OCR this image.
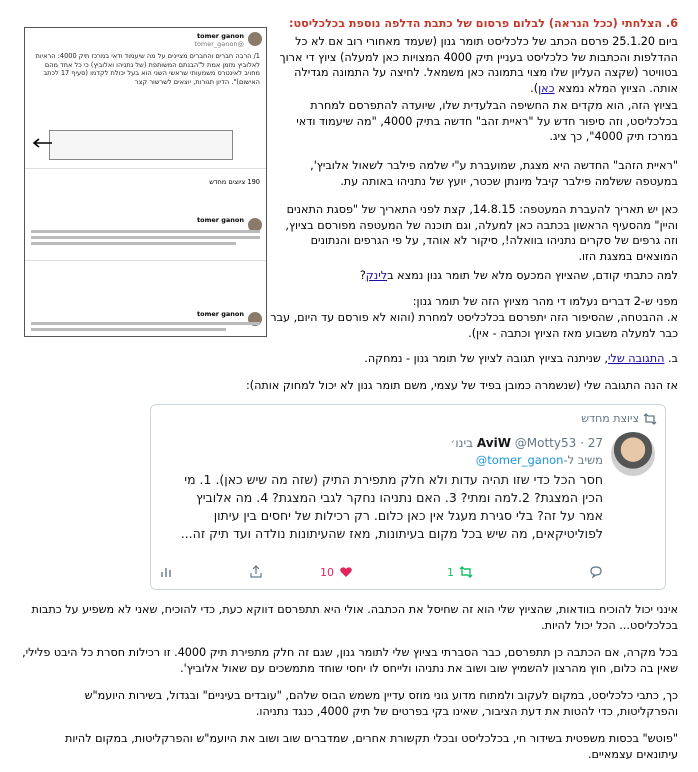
tomer ganon
@tomer_ganon
1/ הרבה חברים והחברים מציינים על מה שיעמוד ודאי במרכז תיק 4000: הראיות לאלוביץ מזמן אמת ל"הבנתם המשותפת (של נתניהו ואלוביץ) כי כל אחד מהם מחויב לאינטרס משמעותי שראשי השני הוא בעל יכולת לקדמו (סעיף 17 לכתב האישום)". הדיון תגורות, יוצאים לשרשור קצר
190 ציוצים מחדש
tomer ganon
tomer ganon
6. הצלחתי (ככל הנראה) לבלום פרסום של כתבת הדלפה נוספת בכלכליסט:
ביום 25.1.20 פרסם הכתב של כלכליסט תומר גנון (שעמד מאחורי רוב אם לא כל ההדלפות והכתבות של כלכליסט בעניין תיק 4000 המצויות כאן למעלה) ציוץ די ארוך בטוויטר (שקצה העליון שלו מצוי בתמונה כאן משמאל. לחיצה על התמונה מגדילה אותה. הציוץ המלא נמצא כאן).
בציוץ הזה, הוא מקדים את החשיפה הבלעדית שלו, שיועדה להתפרסם למחרת בכלכליסט, וזה סיפור חדש על "ראיית זהב" חדשה בתיק 4000, "מה שיעמוד ודאי במרכז תיק 4000", כך ציג.
"ראיית הזהב" החדשה היא מצגת, שמועברת ע"י שלמה פילבר לשאול אלוביץ', במעטפה ששלמה פילבר קיבל מיונתן שכטר, יועץ של נתניהו באותה עת.
כאן יש תאריך להעברת המעטפה: 14.8.15, קצת לפני התאריך של "פסגת התאנים והיין" מהסעיף הראשון בכתבה כאן למעלה, וגם תוכנה של המעטפה מפורסם בציוץ, וזה גרפים של סקרים נתניהו בוואלה!, סיקור לא אוהד, על פי הגרפים והנתונים המוצאים במצגת הזו.
למה כתבתי קודם, שהציוץ המכעס מלא של תומר גנון נמצא בלינק?
מפני ש-2 דברים נעלמו די מהר מציוץ הזה של תומר גנון:
א. ההבטחה, שהסיפור הזה יתפרסם בכלכליסט למחרת (והוא לא פורסם עד היום, עבר כבר למעלה משבוע מאז הציוץ וכתבה - אין).
ב. התגובה שלי, שניתנה בציוץ תגובה לציוץ של תומר גנון - נמחקה.
אז הנה התגובה שלי (שנשמרה כמובן בפיד של עצמי, משם תומר גנון לא יכול למחוק אותה):
ציוצת מחדש
AviW @Motty53 · 27 בינו׳
משיב ל-tomer_ganon@
חסר הכל כדי שזו תהיה עדות ולא חלק מתפירת התיק (שזה מה שיש כאן). 1. מי הכין המצגת? 2.למה ומתי? 3. האם נתניהו נחקר לגבי המצגת? 4. מה אלוביץ אמר על זה? בלי סגירת מעגל אין כאן כלום. רק רכילות של יחסים בין עיתון לפוליטיקאים, מה שיש בכל מקום בעיתונות, מאז שהעיתונות נולדה ועד תיק זה...
1
10
אינני יכול להוכיח בוודאות, שהציוץ שלי הוא זה שחיסל את הכתבה. אולי היא תתפרסם דווקא כעת, כדי להוכיח, שאני לא משפיע על כתבות בכלכליסט... הכל יכול להיות.
בכל מקרה, אם הכתבה כן תתפרסם, כבר הסברתי בציוץ שלי לתומר גנון, שגם זה חלק מתפירת תיק 4000. זו רכילות חסרת כל היבט פלילי, שאין בה כלום, חוץ מהרצון להשמיץ שוב ושוב את נתניהו ולייחס לו יחסי שוחד מתמשכים עם שאול אלוביץ'.
כך, כתבי כלכליסט, במקום לעקוב ולמתוח מדוע גוני מוזס עדיין משמש הבוס שלהם, "עובדים בעיניים" ובגדול, בשירות היועמ"ש והפרקליטות, כדי להטות את דעת הציבור, שאינו בקי בפרטים של תיק 4000, כנגד נתניהו.
"פוטש" בכסות משפטית בשידור חי, בכלכליסט ובכלי תקשורת אחרים, שמדברים שוב ושוב את היועמ"ש והפרקליטות, במקום להיות עיתונאים עצמאיים.
